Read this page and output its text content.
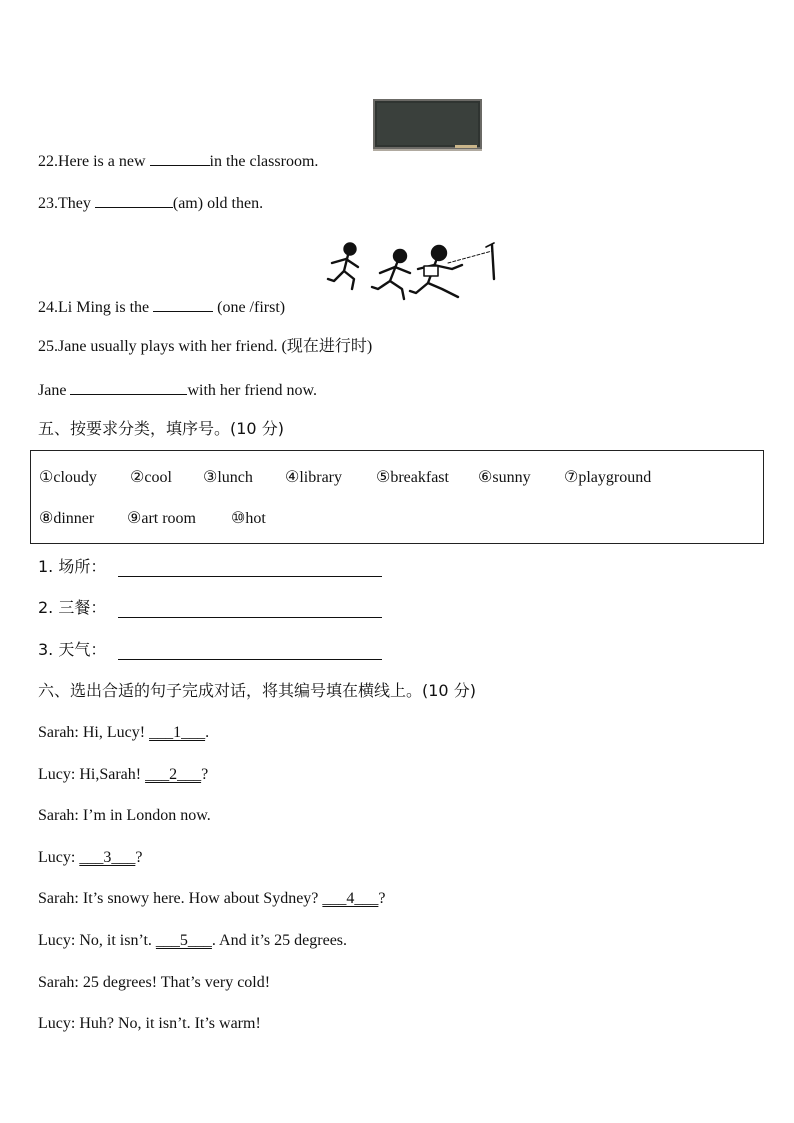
22.Here is a new	in the classroom.
23.They	(am) old then.
24.Li Ming is the	(one /first)
25.Jane usually plays with her friend. (现在进行时)
Jane	with her friend now.
五、按要求分类，填序号。(10 分)
①cloudy ②cool ③lunch ④library ⑤breakfast ⑥sunny ⑦playground
⑧dinner ⑨art room ⑩hot
1. 场所：
2. 三餐：
3. 天气：
六、选出合适的句子完成对话，将其编号填在横线上。(10 分)
Sarah: Hi, Lucy! ___1___.
Lucy: Hi,Sarah! ___2___?
Sarah: I’m in London now.
Lucy: ___3___?
Sarah: It’s snowy here. How about Sydney? ___4___?
Lucy: No, it isn’t. ___5___. And it’s 25 degrees.
Sarah: 25 degrees! That’s very cold!
Lucy: Huh? No, it isn’t. It’s warm!
